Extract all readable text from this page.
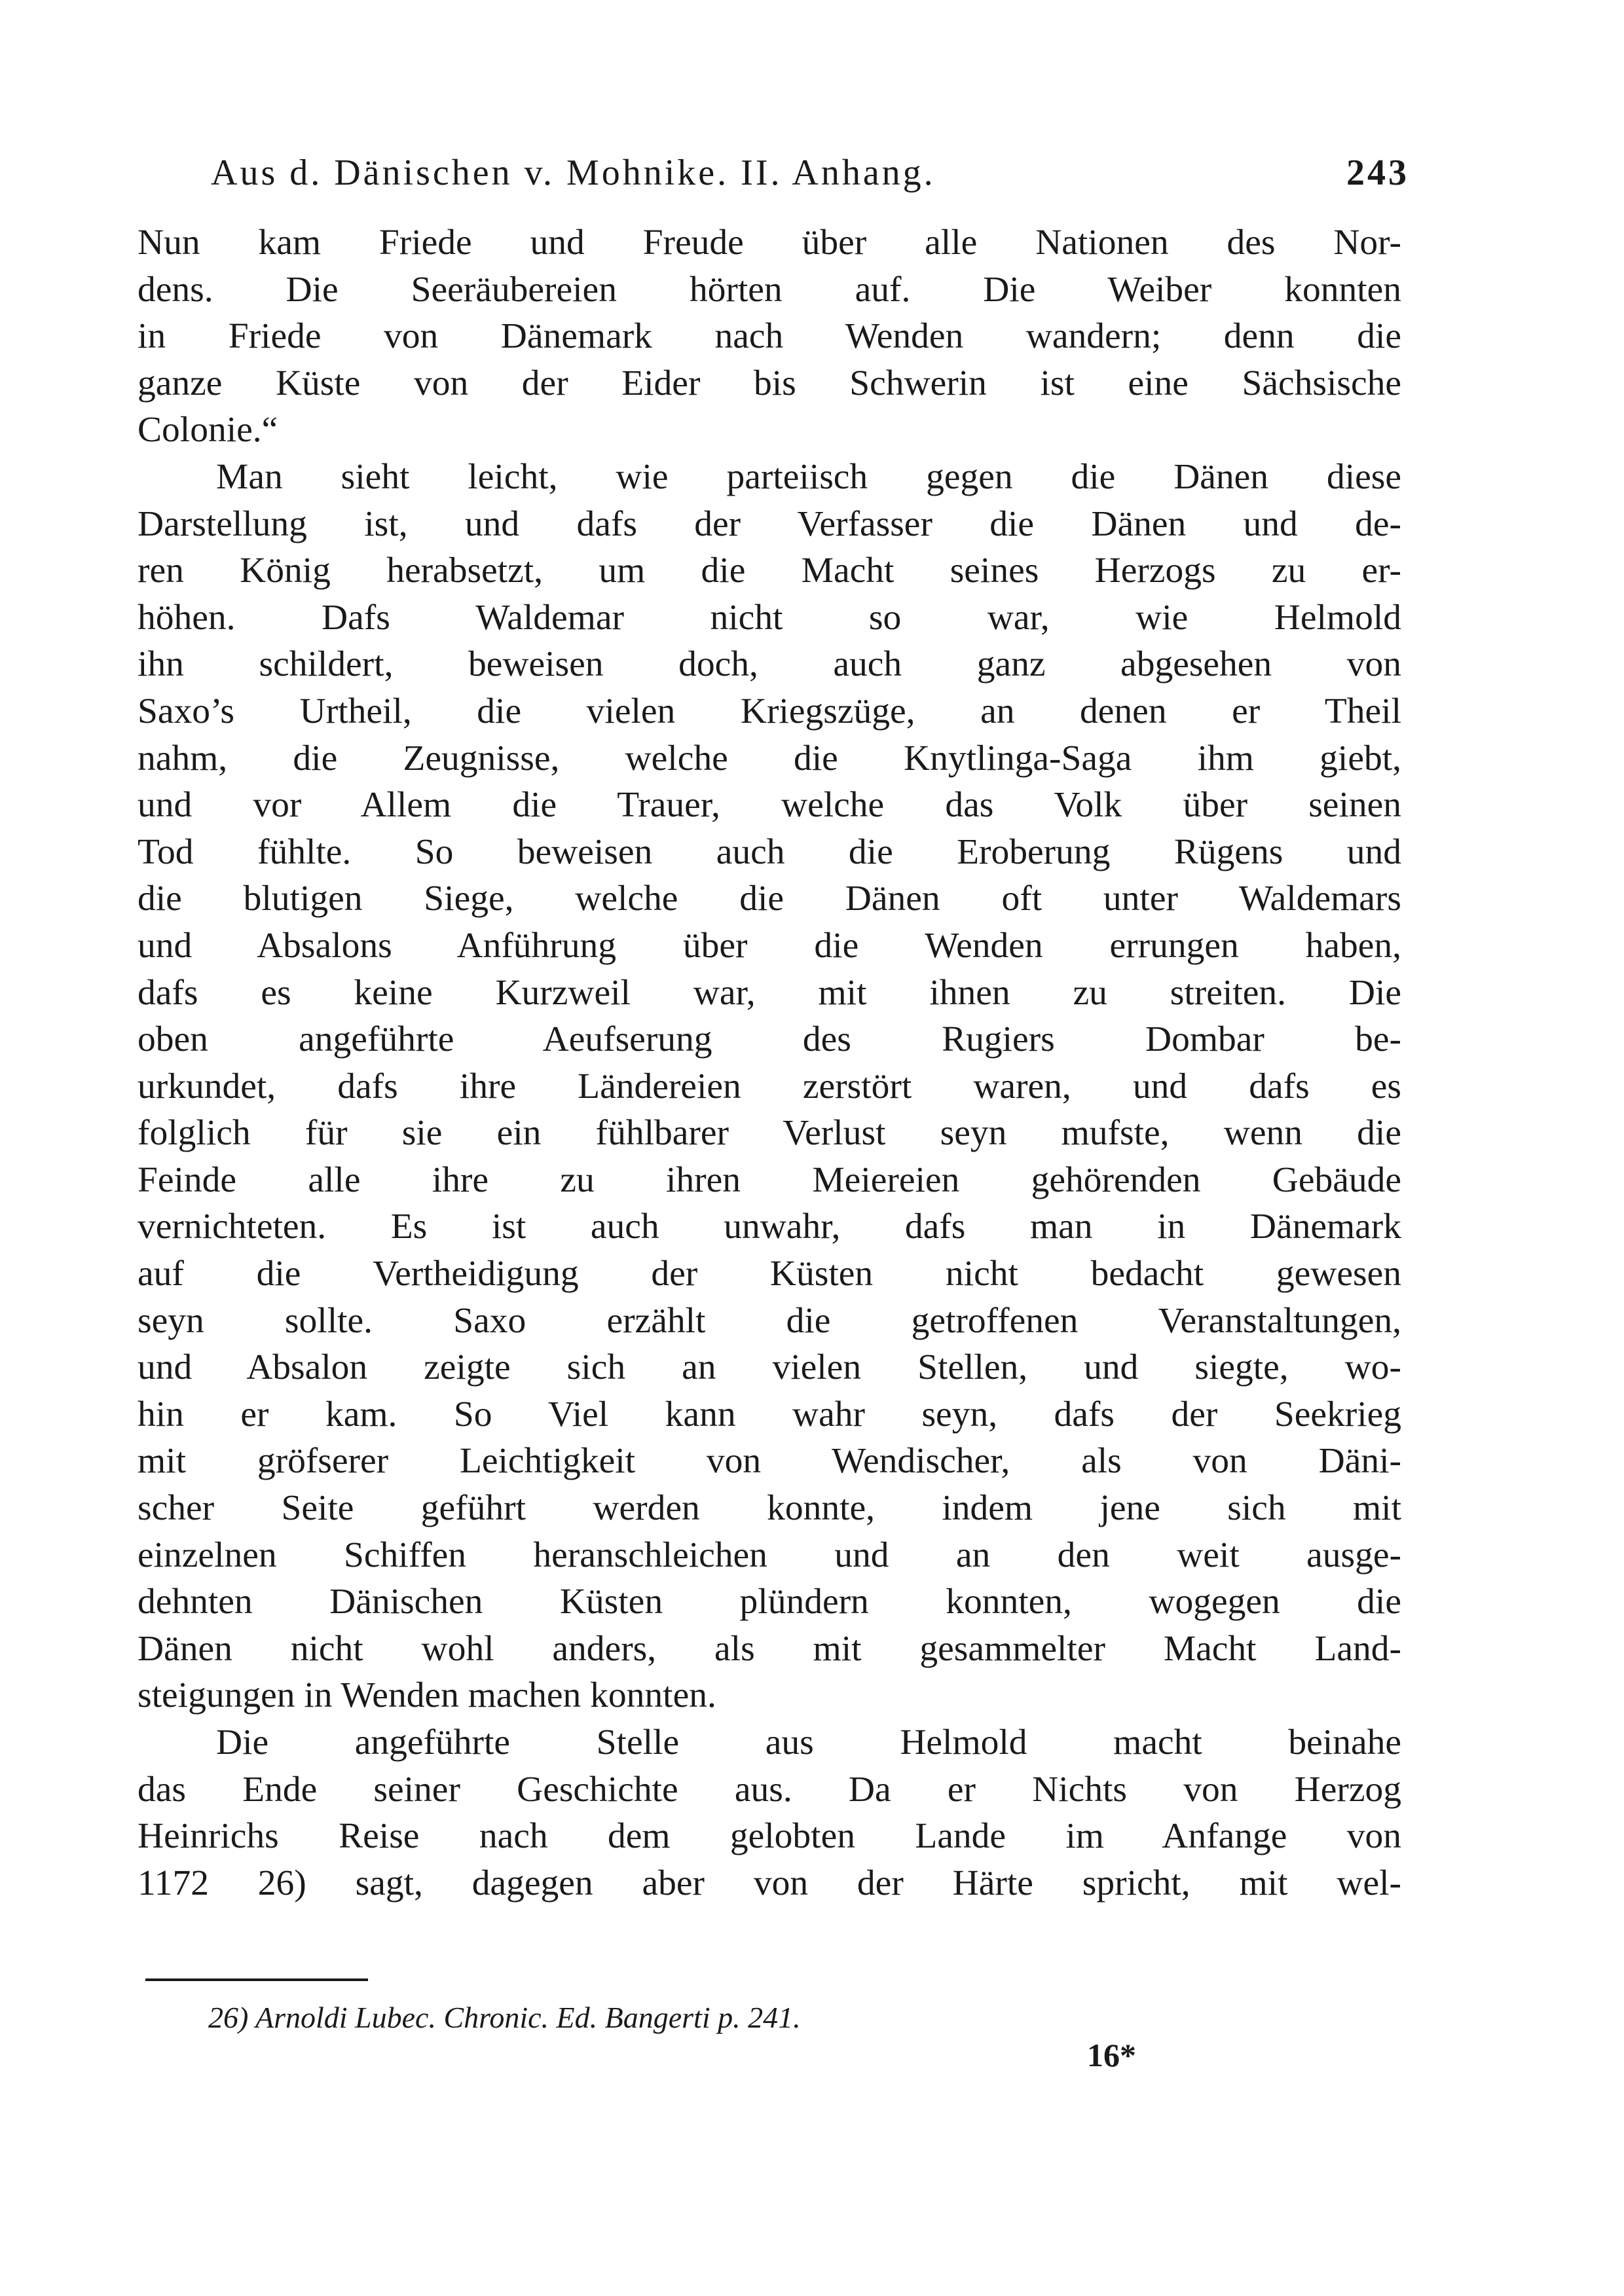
Aus d. Dänischen v. Mohnike. II. Anhang.	243
Nun kam Friede und Freude über alle Nationen des Nor-
dens. Die Seeräubereien hörten auf. Die Weiber konnten
in Friede von Dänemark nach Wenden wandern; denn die
ganze Küste von der Eider bis Schwerin ist eine Sächsische
Colonie.“
Man sieht leicht, wie parteiisch gegen die Dänen diese
Darstellung ist, und dafs der Verfasser die Dänen und de-
ren König herabsetzt, um die Macht seines Herzogs zu er-
höhen. Dafs Waldemar nicht so war, wie Helmold
ihn schildert, beweisen doch, auch ganz abgesehen von
Saxo’s Urtheil, die vielen Kriegszüge, an denen er Theil
nahm, die Zeugnisse, welche die Knytlinga-Saga ihm giebt,
und vor Allem die Trauer, welche das Volk über seinen
Tod fühlte. So beweisen auch die Eroberung Rügens und
die blutigen Siege, welche die Dänen oft unter Waldemars
und Absalons Anführung über die Wenden errungen haben,
dafs es keine Kurzweil war, mit ihnen zu streiten. Die
oben angeführte Aeufserung des Rugiers Dombar be-
urkundet, dafs ihre Ländereien zerstört waren, und dafs es
folglich für sie ein fühlbarer Verlust seyn mufste, wenn die
Feinde alle ihre zu ihren Meiereien gehörenden Gebäude
vernichteten. Es ist auch unwahr, dafs man in Dänemark
auf die Vertheidigung der Küsten nicht bedacht gewesen
seyn sollte. Saxo erzählt die getroffenen Veranstaltungen,
und Absalon zeigte sich an vielen Stellen, und siegte, wo-
hin er kam. So Viel kann wahr seyn, dafs der Seekrieg
mit gröfserer Leichtigkeit von Wendischer, als von Däni-
scher Seite geführt werden konnte, indem jene sich mit
einzelnen Schiffen heranschleichen und an den weit ausge-
dehnten Dänischen Küsten plündern konnten, wogegen die
Dänen nicht wohl anders, als mit gesammelter Macht Land-
steigungen in Wenden machen konnten.
Die angeführte Stelle aus Helmold macht beinahe
das Ende seiner Geschichte aus. Da er Nichts von Herzog
Heinrichs Reise nach dem gelobten Lande im Anfange von
1172 26) sagt, dagegen aber von der Härte spricht, mit wel-
26) Arnoldi Lubec. Chronic. Ed. Bangerti p. 241.
16*
